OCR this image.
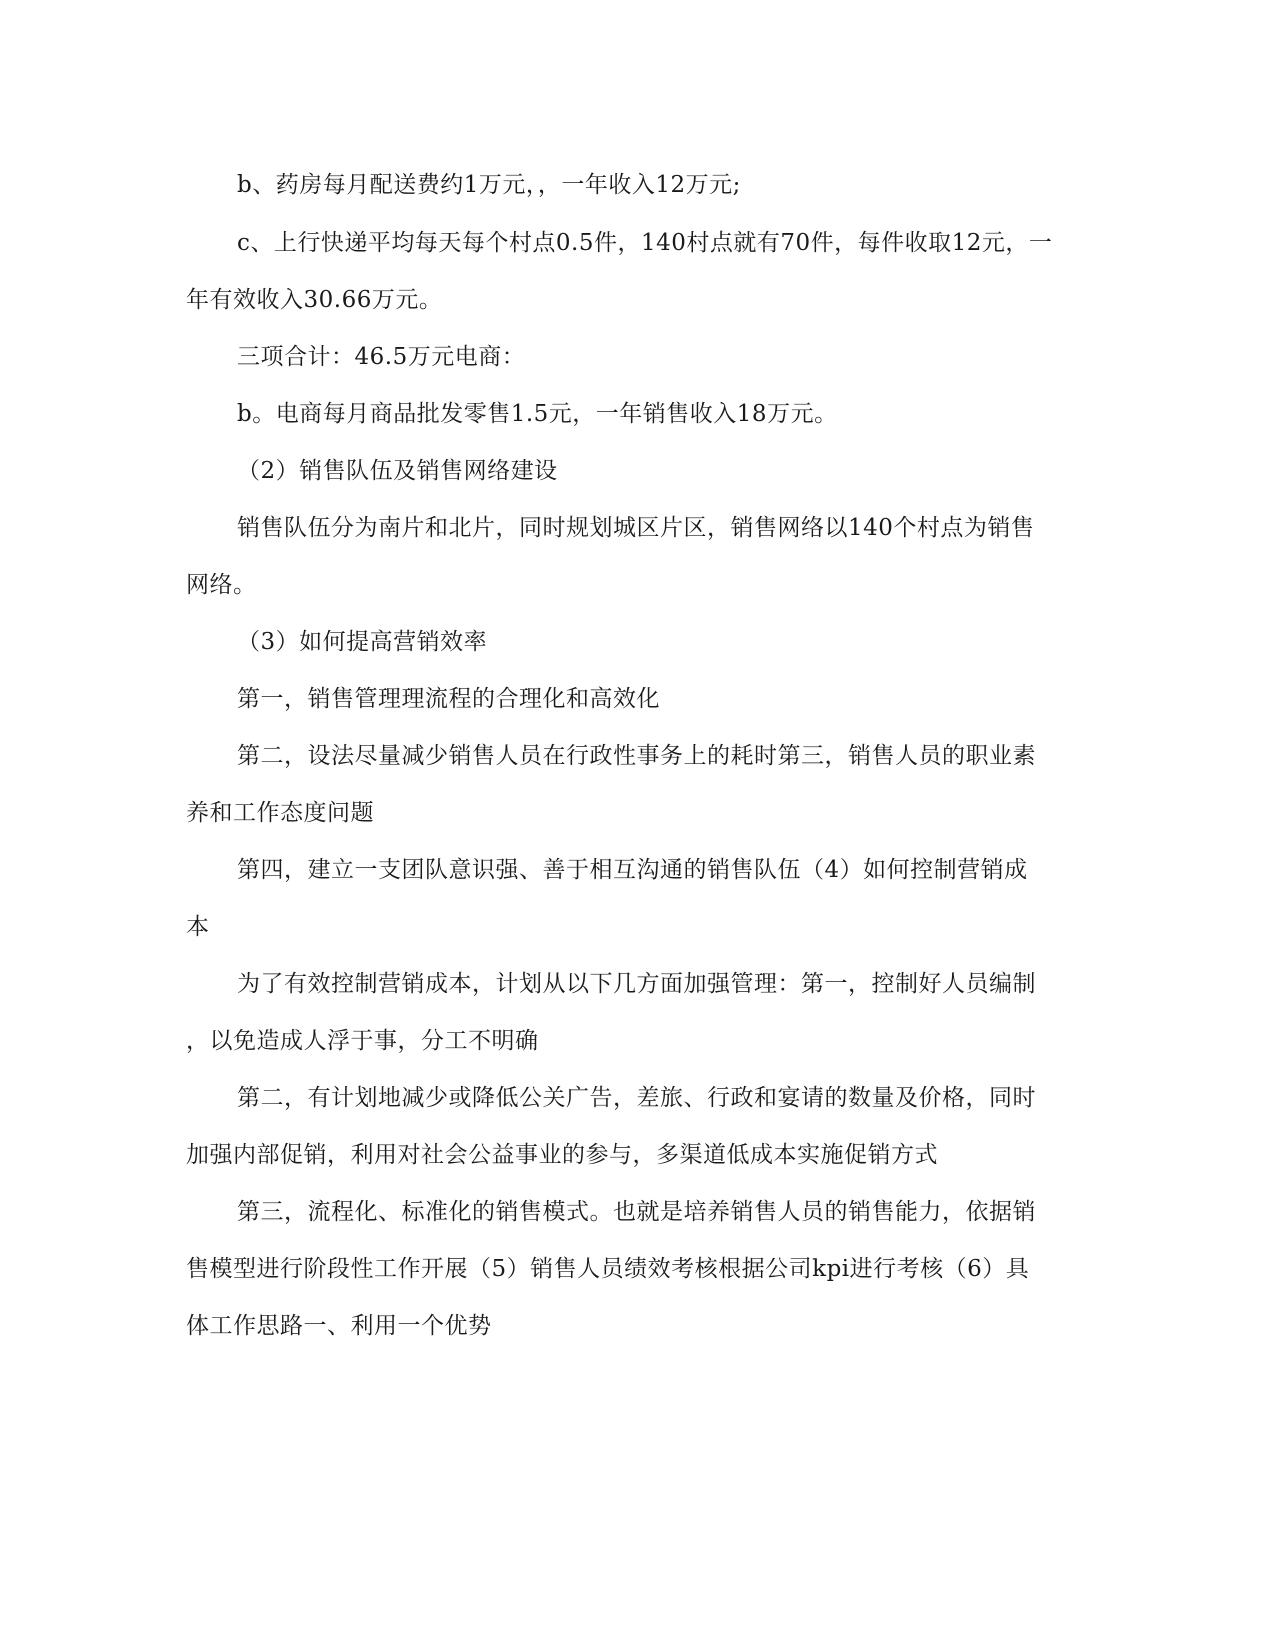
b、药房每月配送费约1万元，，一年收入12万元;
c、上行快递平均每天每个村点0.5件，140村点就有70件，每件收取12元，一
年有效收入30.66万元。
三项合计：46.5万元电商：
b。电商每月商品批发零售1.5元，一年销售收入18万元。
（2）销售队伍及销售网络建设
销售队伍分为南片和北片，同时规划城区片区，销售网络以140个村点为销售
网络。
（3）如何提高营销效率
第一，销售管理理流程的合理化和高效化
第二，设法尽量减少销售人员在行政性事务上的耗时第三，销售人员的职业素
养和工作态度问题
第四，建立一支团队意识强、善于相互沟通的销售队伍（4）如何控制营销成
本
为了有效控制营销成本，计划从以下几方面加强管理：第一，控制好人员编制
，以免造成人浮于事，分工不明确
第二，有计划地减少或降低公关广告，差旅、行政和宴请的数量及价格，同时
加强内部促销，利用对社会公益事业的参与，多渠道低成本实施促销方式
第三，流程化、标准化的销售模式。也就是培养销售人员的销售能力，依据销
售模型进行阶段性工作开展（5）销售人员绩效考核根据公司kpi进行考核（6）具
体工作思路一、利用一个优势
